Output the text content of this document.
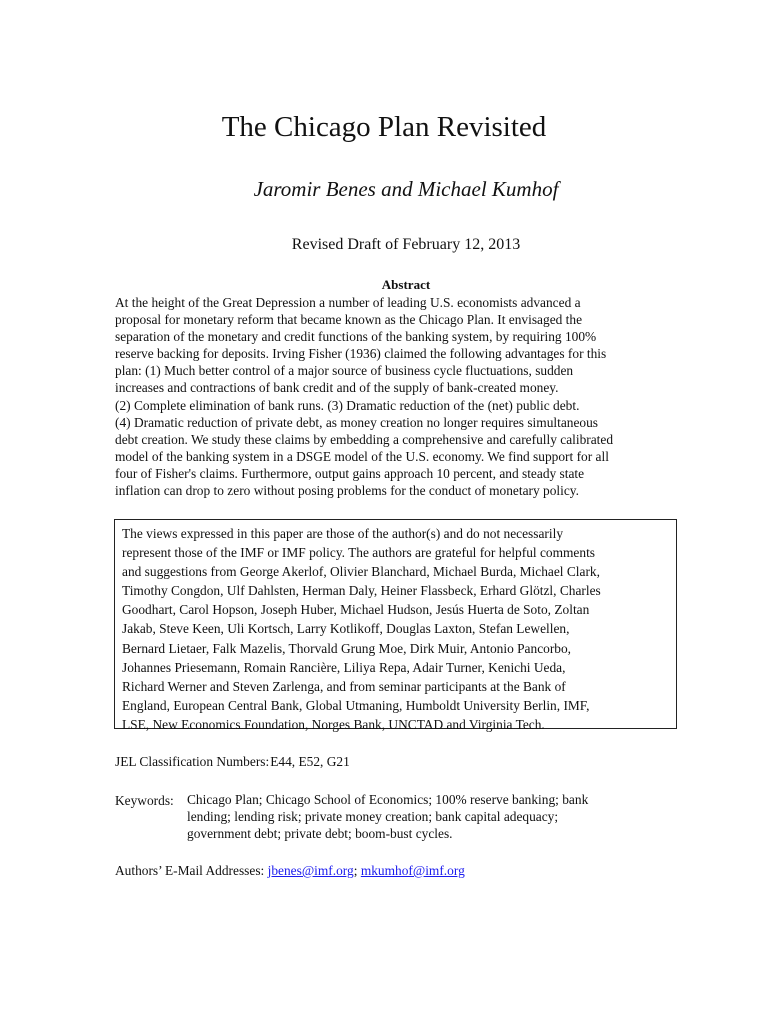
The Chicago Plan Revisited
Jaromir Benes and Michael Kumhof
Revised Draft of February 12, 2013
Abstract
At the height of the Great Depression a number of leading U.S. economists advanced a
proposal for monetary reform that became known as the Chicago Plan. It envisaged the
separation of the monetary and credit functions of the banking system, by requiring 100%
reserve backing for deposits. Irving Fisher (1936) claimed the following advantages for this
plan: (1) Much better control of a major source of business cycle fluctuations, sudden
increases and contractions of bank credit and of the supply of bank-created money.
(2) Complete elimination of bank runs. (3) Dramatic reduction of the (net) public debt.
(4) Dramatic reduction of private debt, as money creation no longer requires simultaneous
debt creation. We study these claims by embedding a comprehensive and carefully calibrated
model of the banking system in a DSGE model of the U.S. economy. We find support for all
four of Fisher's claims. Furthermore, output gains approach 10 percent, and steady state
inflation can drop to zero without posing problems for the conduct of monetary policy.
The views expressed in this paper are those of the author(s) and do not necessarily
represent those of the IMF or IMF policy. The authors are grateful for helpful comments
and suggestions from George Akerlof, Olivier Blanchard, Michael Burda, Michael Clark,
Timothy Congdon, Ulf Dahlsten, Herman Daly, Heiner Flassbeck, Erhard Glötzl, Charles
Goodhart, Carol Hopson, Joseph Huber, Michael Hudson, Jesús Huerta de Soto, Zoltan
Jakab, Steve Keen, Uli Kortsch, Larry Kotlikoff, Douglas Laxton, Stefan Lewellen,
Bernard Lietaer, Falk Mazelis, Thorvald Grung Moe, Dirk Muir, Antonio Pancorbo,
Johannes Priesemann, Romain Rancière, Liliya Repa, Adair Turner, Kenichi Ueda,
Richard Werner and Steven Zarlenga, and from seminar participants at the Bank of
England, European Central Bank, Global Utmaning, Humboldt University Berlin, IMF,
LSE, New Economics Foundation, Norges Bank, UNCTAD and Virginia Tech.
JEL Classification Numbers:E44, E52, G21
Keywords: Chicago Plan; Chicago School of Economics; 100% reserve banking; bank
lending; lending risk; private money creation; bank capital adequacy;
government debt; private debt; boom-bust cycles.
Authors’ E-Mail Addresses: jbenes@imf.org; mkumhof@imf.org
